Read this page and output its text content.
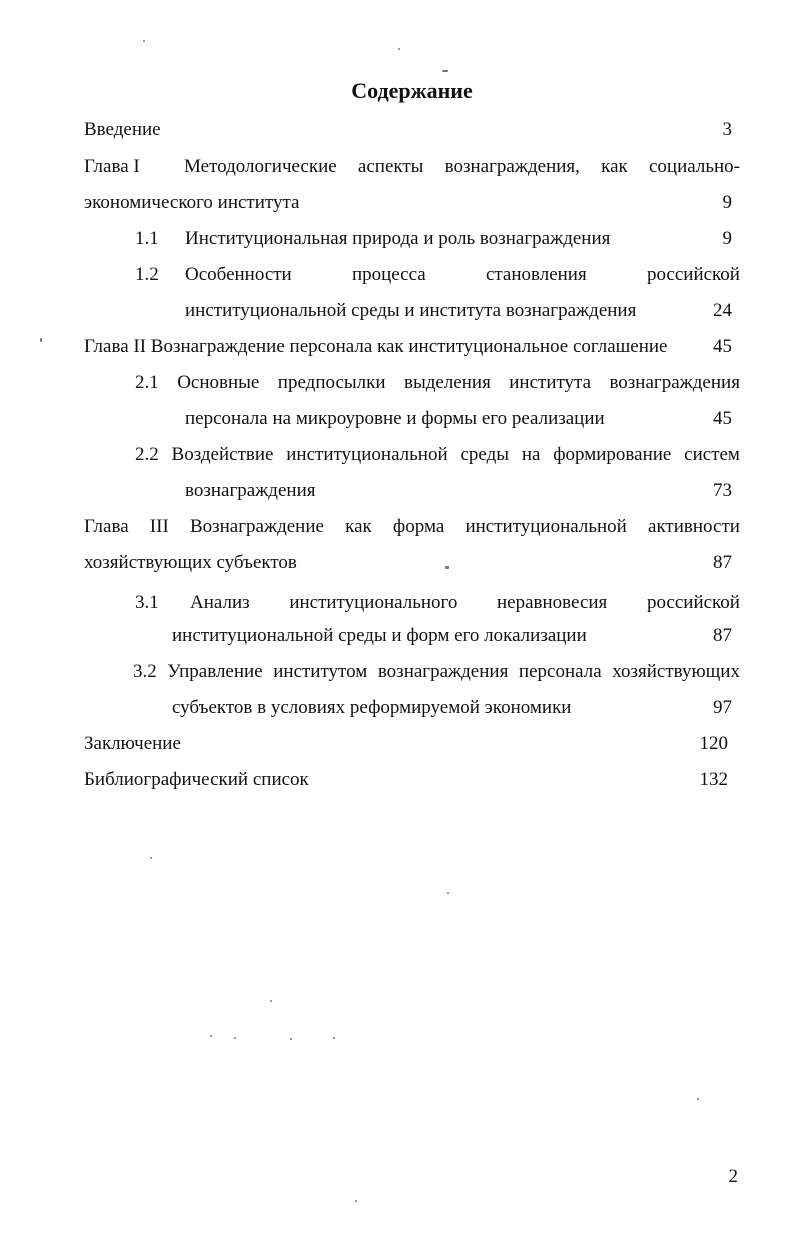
Содержание
Введение	3
Глава I Методологические аспекты вознаграждения, как социально-
экономического института	9
1.1 Институциональная природа и роль вознаграждения	9
1.2 Особенности	процесса	становления	российской
институциональной среды и института вознаграждения	24
Глава II Вознаграждение персонала как институциональное соглашение	45
2.1 Основные предпосылки выделения института вознаграждения
персонала на микроуровне и формы его реализации	45
2.2 Воздействие институциональной среды на формирование систем
вознаграждения	73
Глава III Вознаграждение как форма институциональной активности
хозяйствующих субъектов	87
3.1 Анализ институционального неравновесия российской
институциональной среды и форм его локализации	87
3.2 Управление институтом вознаграждения персонала хозяйствующих
субъектов в условиях реформируемой экономики	97
Заключение	120
Библиографический список	132
2
